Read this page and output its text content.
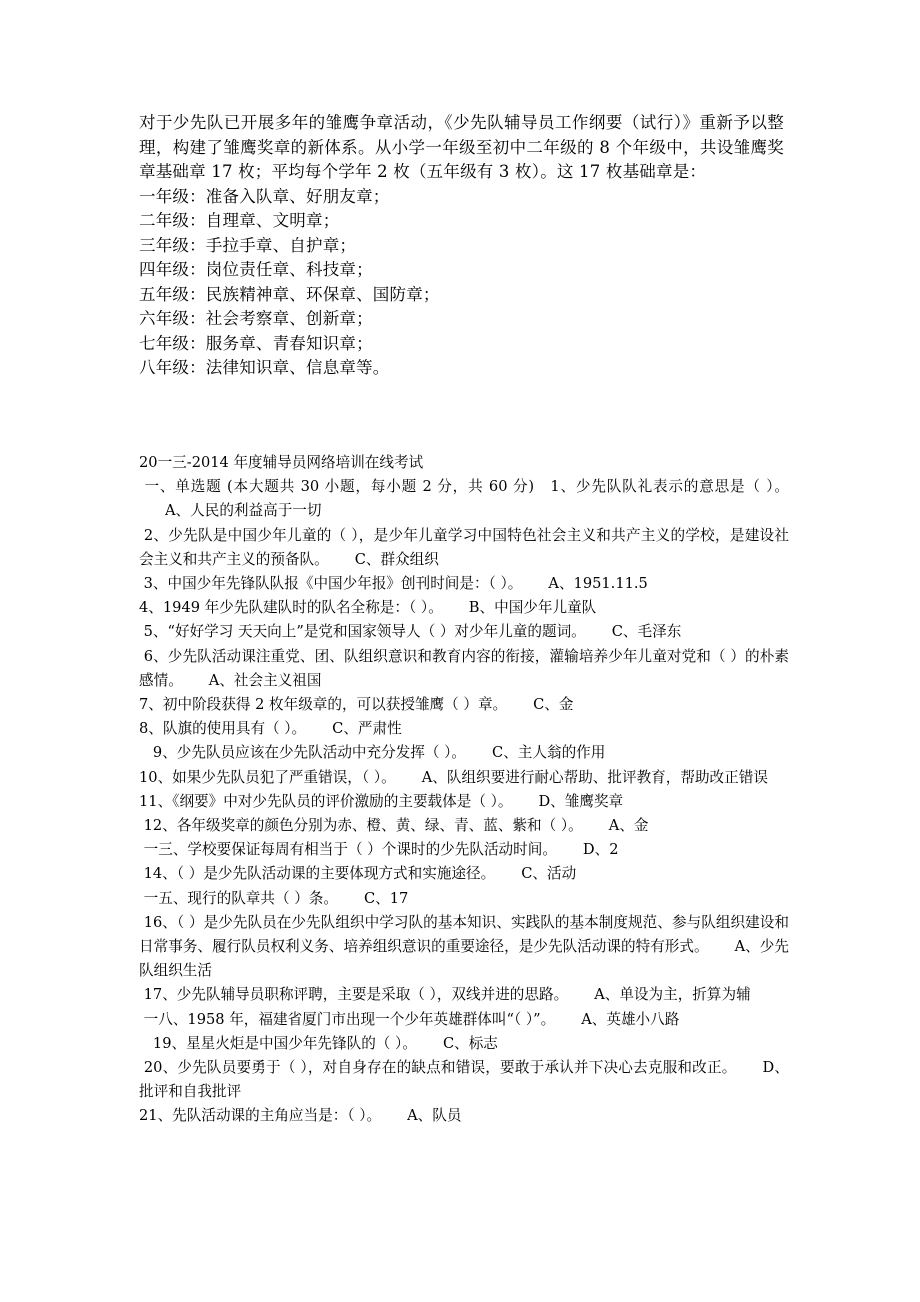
对于少先队已开展多年的雏鹰争章活动，《少先队辅导员工作纲要（试行）》重新予以整理，构建了雏鹰奖章的新体系。从小学一年级至初中二年级的 8 个年级中，共设雏鹰奖章基础章 17 枚；平均每个学年 2 枚（五年级有 3 枚）。这 17 枚基础章是：

一年级：准备入队章、好朋友章；
二年级：自理章、文明章；
三年级：手拉手章、自护章；
四年级：岗位责任章、科技章；
五年级：民族精神章、环保章、国防章；
六年级：社会考察章、创新章；
七年级：服务章、青春知识章；
八年级：法律知识章、信息章等。
20一三-2014 年度辅导员网络培训在线考试

一、单选题 (本大题共 30 小题，每小题 2 分，共 60 分)   1、少先队队礼表示的意思是（ ）。A、人民的利益高于一切

2、少先队是中国少年儿童的（ ），是少年儿童学习中国特色社会主义和共产主义的学校，是建设社会主义和共产主义的预备队。 C、群众组织

3、中国少年先锋队队报《中国少年报》创刊时间是：（ ）。 A、1951.11.5

4、1949 年少先队建队时的队名全称是：（ ）。 B、中国少年儿童队

5、“好好学习 天天向上”是党和国家领导人（ ）对少年儿童的题词。 C、毛泽东

6、少先队活动课注重党、团、队组织意识和教育内容的衔接，灌输培养少年儿童对党和（ ）的朴素感情。 A、社会主义祖国

7、初中阶段获得 2 枚年级章的，可以获授雏鹰（ ）章。 C、金

8、队旗的使用具有（ ）。 C、严肃性

9、少先队员应该在少先队活动中充分发挥（ ）。 C、主人翁的作用

10、如果少先队员犯了严重错误，（ ）。 A、队组织要进行耐心帮助、批评教育，帮助改正错误

11、《纲要》中对少先队员的评价激励的主要载体是（ ）。 D、雏鹰奖章

12、各年级奖章的颜色分别为赤、橙、黄、绿、青、蓝、紫和（ ）。 A、金

一三、学校要保证每周有相当于（ ）个课时的少先队活动时间。 D、2

14、（ ）是少先队活动课的主要体现方式和实施途径。 C、活动

一五、现行的队章共（ ）条。 C、17

16、（ ）是少先队员在少先队组织中学习队的基本知识、实践队的基本制度规范、参与队组织建设和日常事务、履行队员权利义务、培养组织意识的重要途径，是少先队活动课的特有形式。 A、少先队组织生活

17、少先队辅导员职称评聘，主要是采取（ ），双线并进的思路。 A、单设为主，折算为辅

一八、1958 年，福建省厦门市出现一个少年英雄群体叫“（ ）”。 A、英雄小八路

19、星星火炬是中国少年先锋队的（ ）。 C、标志

20、少先队员要勇于（ ），对自身存在的缺点和错误，要敢于承认并下决心去克服和改正。 D、批评和自我批评

21、先队活动课的主角应当是：（ ）。 A、队员
